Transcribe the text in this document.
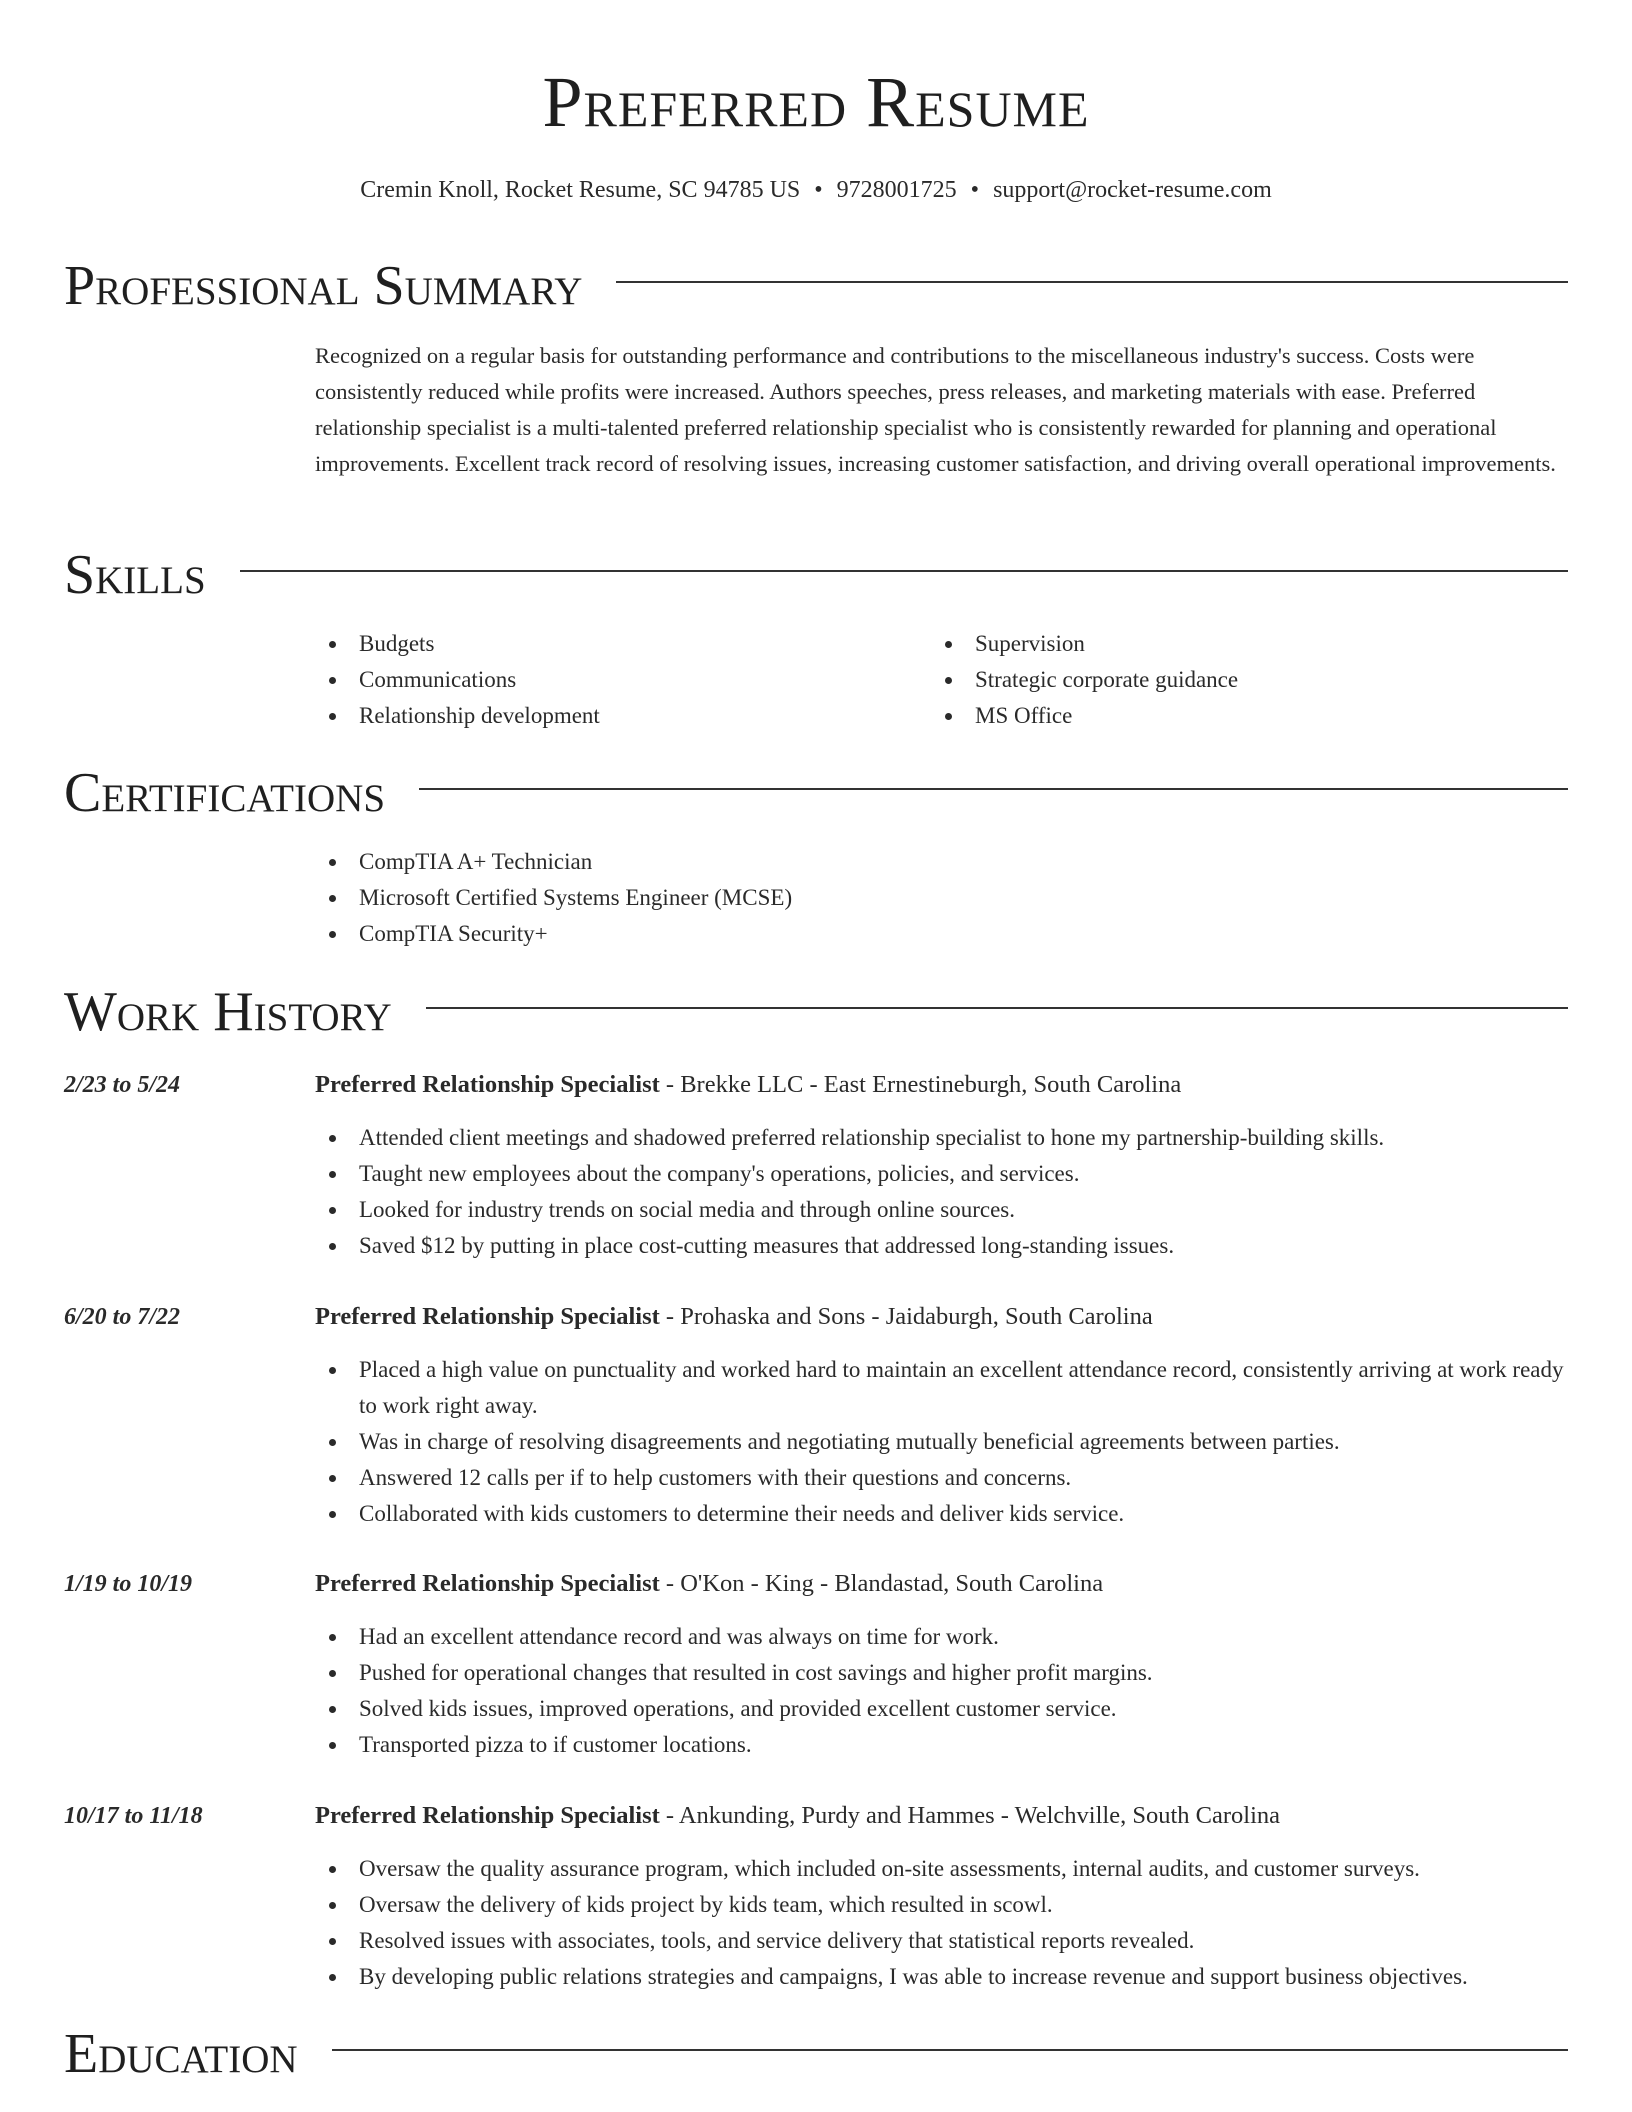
Preferred Resume
Cremin Knoll, Rocket Resume, SC 94785 US • 9728001725 • support@rocket-resume.com
Professional Summary

Recognized on a regular basis for outstanding performance and contributions to the miscellaneous industry's success. Costs were consistently reduced while profits were increased. Authors speeches, press releases, and marketing materials with ease. Preferred relationship specialist is a multi-talented preferred relationship specialist who is consistently rewarded for planning and operational improvements. Excellent track record of resolving issues, increasing customer satisfaction, and driving overall operational improvements.

Skills
Budgets
Communications
Relationship development
Supervision
Strategic corporate guidance
MS Office
Certifications
CompTIA A+ Technician
Microsoft Certified Systems Engineer (MCSE)
CompTIA Security+
Work History
2/23 to 5/24	Preferred Relationship Specialist - Brekke LLC - East Ernestineburgh, South Carolina
Attended client meetings and shadowed preferred relationship specialist to hone my partnership-building skills.
Taught new employees about the company's operations, policies, and services.
Looked for industry trends on social media and through online sources.
Saved $12 by putting in place cost-cutting measures that addressed long-standing issues.
6/20 to 7/22	Preferred Relationship Specialist - Prohaska and Sons - Jaidaburgh, South Carolina
Placed a high value on punctuality and worked hard to maintain an excellent attendance record, consistently arriving at work ready to work right away.
Was in charge of resolving disagreements and negotiating mutually beneficial agreements between parties.
Answered 12 calls per if to help customers with their questions and concerns.
Collaborated with kids customers to determine their needs and deliver kids service.
1/19 to 10/19	Preferred Relationship Specialist - O'Kon - King - Blandastad, South Carolina
Had an excellent attendance record and was always on time for work.
Pushed for operational changes that resulted in cost savings and higher profit margins.
Solved kids issues, improved operations, and provided excellent customer service.
Transported pizza to if customer locations.
10/17 to 11/18	Preferred Relationship Specialist - Ankunding, Purdy and Hammes - Welchville, South Carolina
Oversaw the quality assurance program, which included on-site assessments, internal audits, and customer surveys.
Oversaw the delivery of kids project by kids team, which resulted in scowl.
Resolved issues with associates, tools, and service delivery that statistical reports revealed.
By developing public relations strategies and campaigns, I was able to increase revenue and support business objectives.
Education
